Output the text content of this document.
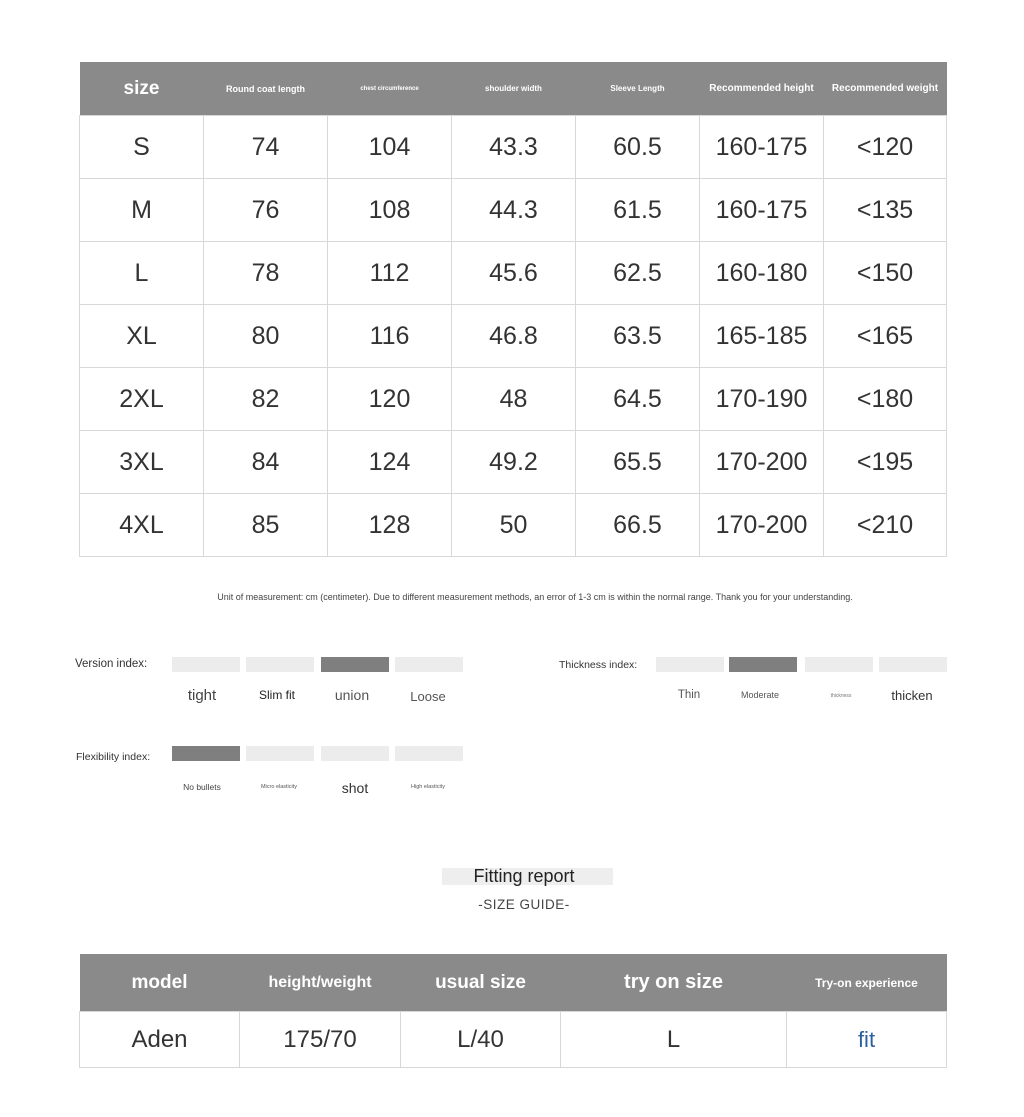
size	Round coat length	chest circumference	shoulder width	Sleeve Length	Recommended height	Recommended weight
S	74	104	43.3	60.5	160-175	<120
M	76	108	44.3	61.5	160-175	<135
L	78	112	45.6	62.5	160-180	<150
XL	80	116	46.8	63.5	165-185	<165
2XL	82	120	48	64.5	170-190	<180
3XL	84	124	49.2	65.5	170-200	<195
4XL	85	128	50	66.5	170-200	<210
Unit of measurement: cm (centimeter). Due to different measurement methods, an error of 1-3 cm is within the normal range. Thank you for your understanding.
Version index:
tight	Slim fit	union	Loose
Thickness index:
Thin	Moderate	thickness	thicken
Flexibility index:
No bullets	Micro elasticity	shot	High elasticity
Fitting report
-SIZE GUIDE-
model	height/weight	usual size	try on size	Try-on experience
Aden	175/70	L/40	L	fit
